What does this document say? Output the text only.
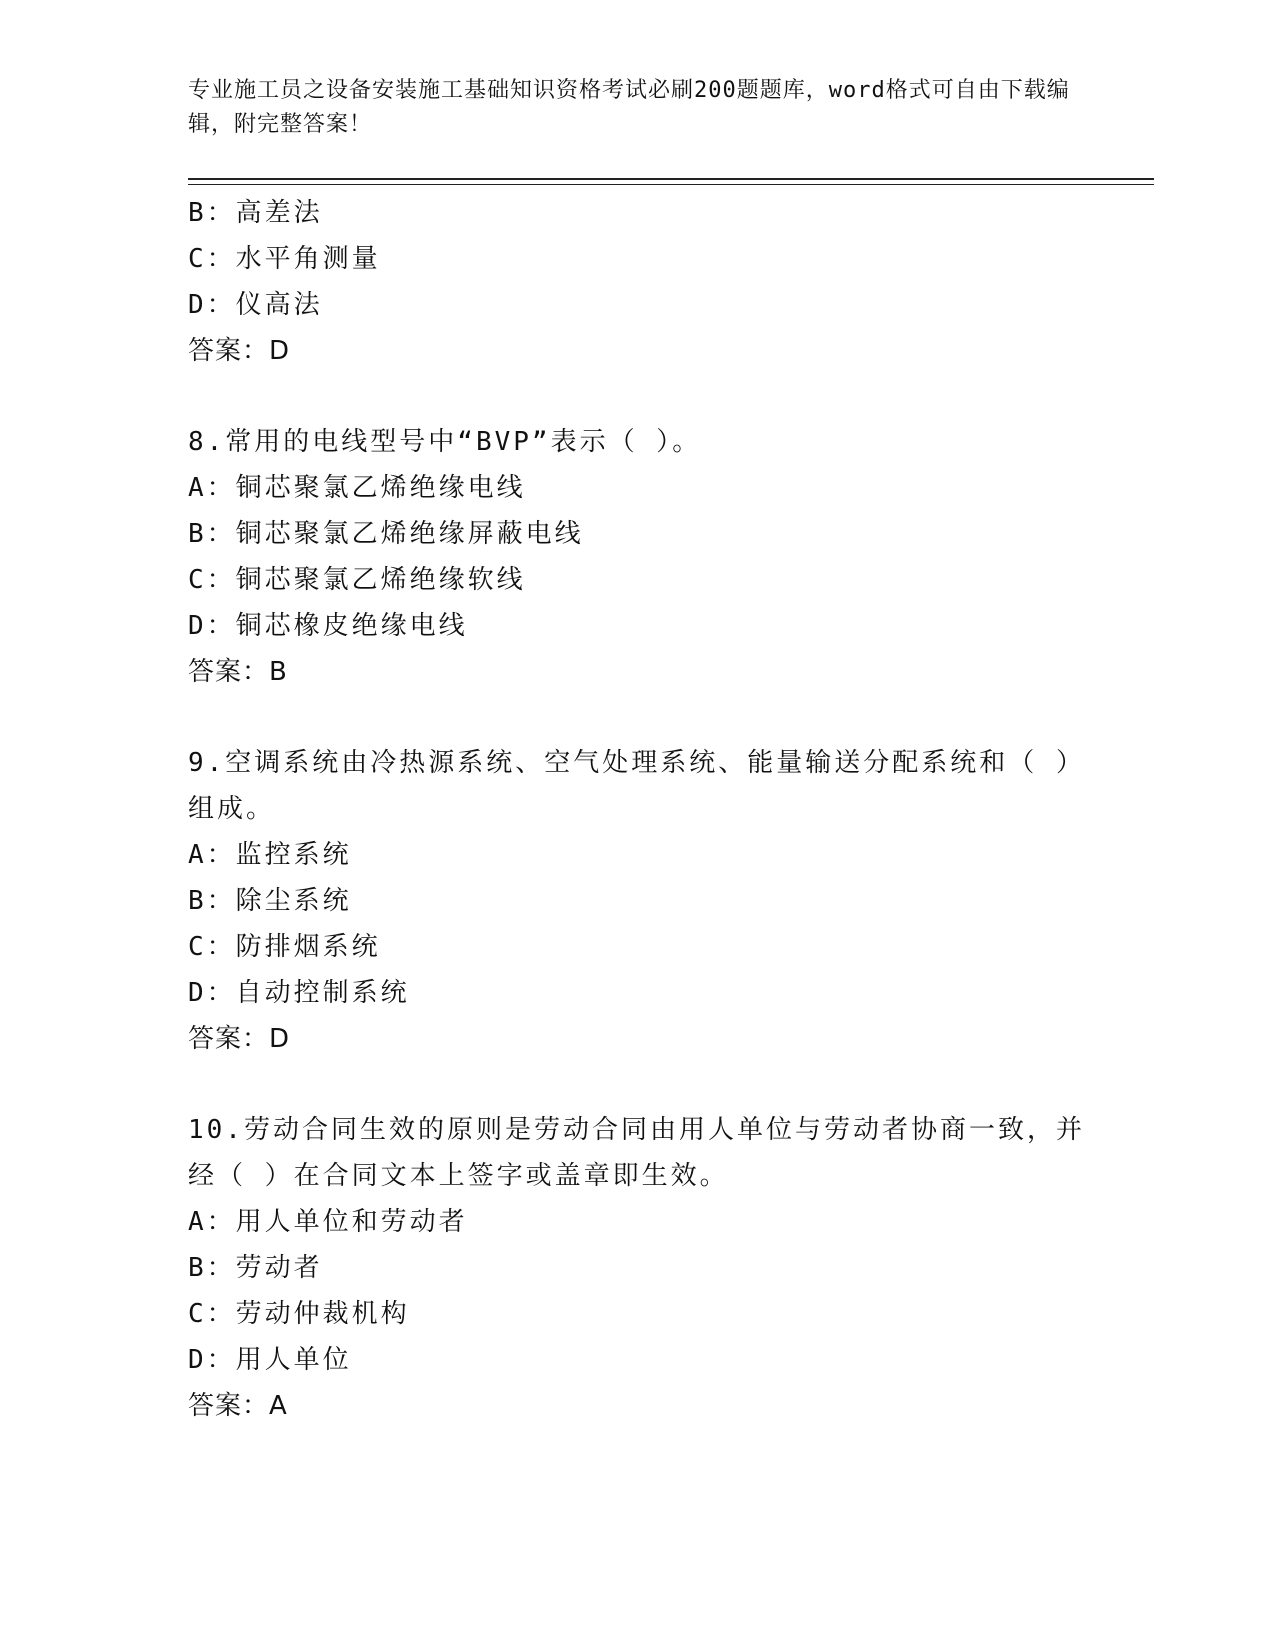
专业施工员之设备安装施工基础知识资格考试必刷200题题库，word格式可自由下载编辑，附完整答案！
B：高差法
C：水平角测量
D：仪高法
答案：D
8.常用的电线型号中“BVP”表示（ ）。
A：铜芯聚氯乙烯绝缘电线
B：铜芯聚氯乙烯绝缘屏蔽电线
C：铜芯聚氯乙烯绝缘软线
D：铜芯橡皮绝缘电线
答案：B
9.空调系统由冷热源系统、空气处理系统、能量输送分配系统和（ ）组成。
A：监控系统
B：除尘系统
C：防排烟系统
D：自动控制系统
答案：D
10.劳动合同生效的原则是劳动合同由用人单位与劳动者协商一致，并经（ ）在合同文本上签字或盖章即生效。
A：用人单位和劳动者
B：劳动者
C：劳动仲裁机构
D：用人单位
答案：A
